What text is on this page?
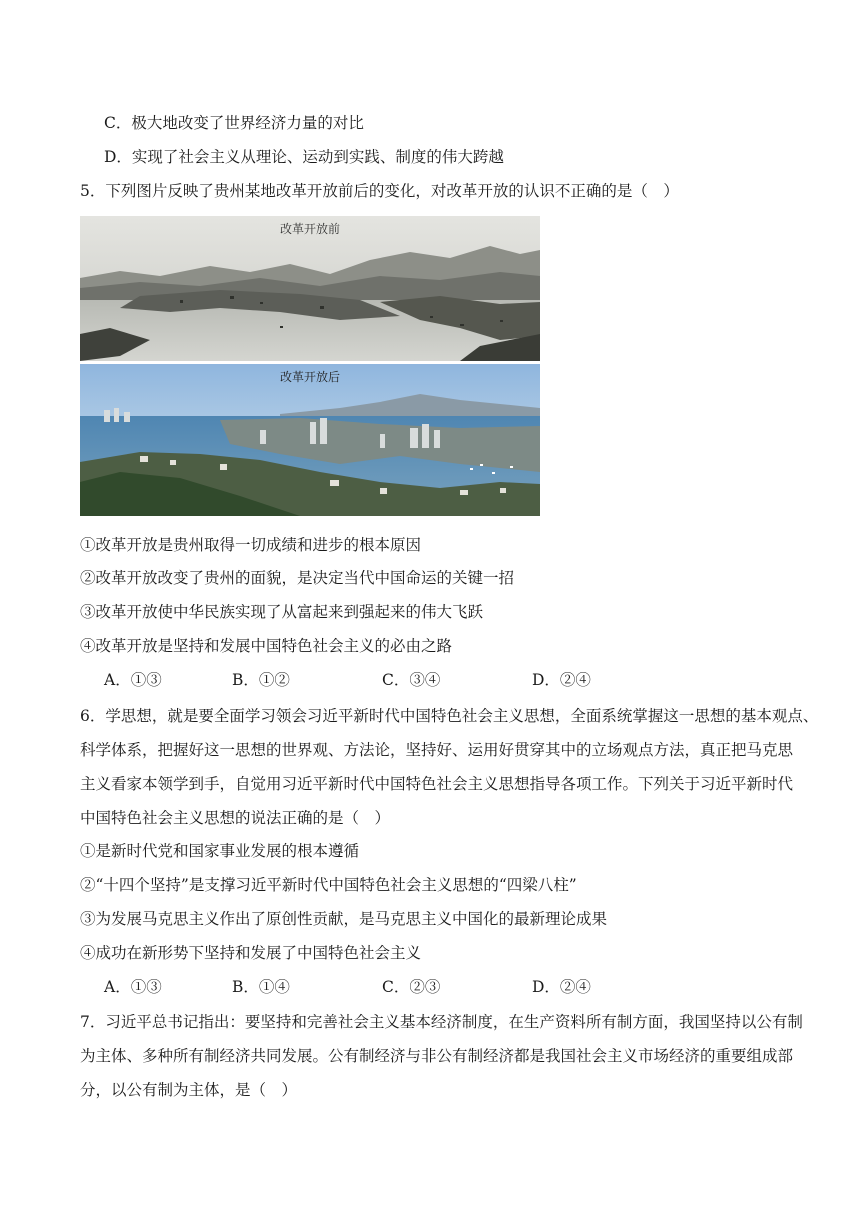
C．极大地改变了世界经济力量的对比
D．实现了社会主义从理论、运动到实践、制度的伟大跨越
5．下列图片反映了贵州某地改革开放前后的变化，对改革开放的认识不正确的是（　）
改革开放前
改革开放后
①改革开放是贵州取得一切成绩和进步的根本原因
②改革开放改变了贵州的面貌，是决定当代中国命运的关键一招
③改革开放使中华民族实现了从富起来到强起来的伟大飞跃
④改革开放是坚持和发展中国特色社会主义的必由之路
A．①③	B．①②	C．③④	D．②④
6．学思想，就是要全面学习领会习近平新时代中国特色社会主义思想，全面系统掌握这一思想的基本观点、
科学体系，把握好这一思想的世界观、方法论，坚持好、运用好贯穿其中的立场观点方法，真正把马克思
主义看家本领学到手，自觉用习近平新时代中国特色社会主义思想指导各项工作。下列关于习近平新时代
中国特色社会主义思想的说法正确的是（　）
①是新时代党和国家事业发展的根本遵循
②“十四个坚持”是支撑习近平新时代中国特色社会主义思想的“四梁八柱”
③为发展马克思主义作出了原创性贡献，是马克思主义中国化的最新理论成果
④成功在新形势下坚持和发展了中国特色社会主义
A．①③	B．①④	C．②③	D．②④
7．习近平总书记指出：要坚持和完善社会主义基本经济制度，在生产资料所有制方面，我国坚持以公有制
为主体、多种所有制经济共同发展。公有制经济与非公有制经济都是我国社会主义市场经济的重要组成部
分，以公有制为主体，是（　）
